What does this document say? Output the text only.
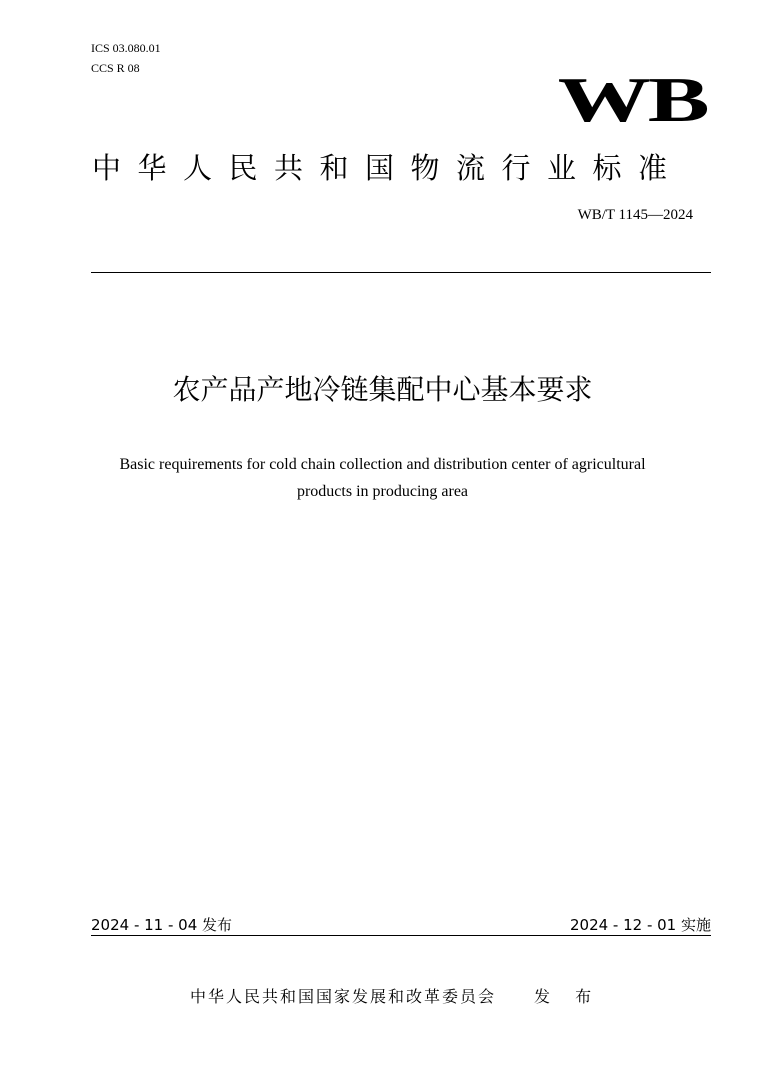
ICS 03.080.01
CCS R 08	WB
中华人民共和国物流行业标准
WB/T 1145—2024
农产品产地冷链集配中心基本要求
Basic requirements for cold chain collection and distribution center of agricultural
products in producing area
2024 - 11 - 04 发布	2024 - 12 - 01 实施
中华人民共和国国家发展和改革委员会 发 布
